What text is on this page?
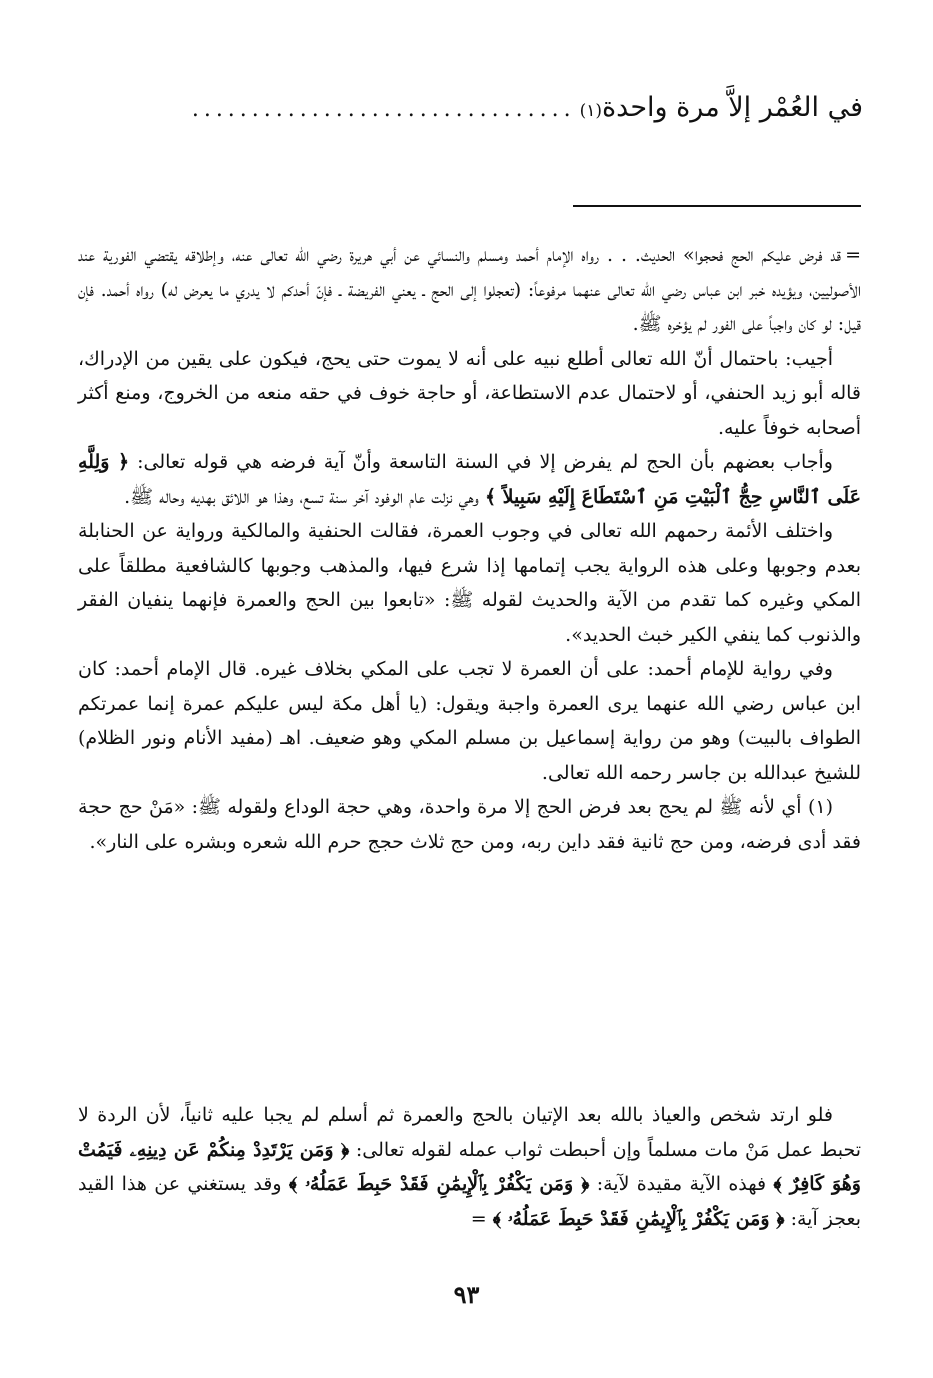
في العُمْر إلاَّ مرة واحدة
(١)
................................

=قد فرض عليكم الحج فحجوا» الحديث. . . رواه الإمام أحمد ومسلم والنسائي عن أبي هريرة رضي الله تعالى عنه، وإطلاقه يقتضي الفورية عند الأصوليين، ويؤيده خبر ابن عباس رضي الله تعالى عنهما مرفوعاً: (تعجلوا إلى الحج ـ يعني الفريضة ـ فإنّ أحدكم لا يدري ما يعرض له) رواه أحمد. فإن قيل: لو كان واجباً على الفور لم يؤخره ﷺ.

أجيب: باحتمال أنّ الله تعالى أطلع نبيه على أنه لا يموت حتى يحج، فيكون على يقين من الإدراك، قاله أبو زيد الحنفي، أو لاحتمال عدم الاستطاعة، أو حاجة خوف في حقه منعه من الخروج، ومنع أكثر أصحابه خوفاً عليه.

وأجاب بعضهم بأن الحج لم يفرض إلا في السنة التاسعة وأنّ آية فرضه هي قوله تعالى: ﴿ وَلِلَّهِ عَلَى ٱلنَّاسِ حِجُّ ٱلْبَيْتِ مَنِ ٱسْتَطَاعَ إِلَيْهِ سَبِيلاً ﴾ وهي نزلت عام الوفود آخر سنة تسع، وهذا هو اللائق بهديه وحاله ﷺ.

واختلف الأئمة رحمهم الله تعالى في وجوب العمرة، فقالت الحنفية والمالكية ورواية عن الحنابلة بعدم وجوبها وعلى هذه الرواية يجب إتمامها إذا شرع فيها، والمذهب وجوبها كالشافعية مطلقاً على المكي وغيره كما تقدم من الآية والحديث لقوله ﷺ: «تابعوا بين الحج والعمرة فإنهما ينفيان الفقر والذنوب كما ينفي الكير خبث الحديد».

وفي رواية للإمام أحمد: على أن العمرة لا تجب على المكي بخلاف غيره. قال الإمام أحمد: كان ابن عباس رضي الله عنهما يرى العمرة واجبة ويقول: (يا أهل مكة ليس عليكم عمرة إنما عمرتكم الطواف بالبيت) وهو من رواية إسماعيل بن مسلم المكي وهو ضعيف. اهـ (مفيد الأنام ونور الظلام) للشيخ عبدالله بن جاسر رحمه الله تعالى.

(١) أي لأنه ﷺ لم يحج بعد فرض الحج إلا مرة واحدة، وهي حجة الوداع ولقوله ﷺ: «مَنْ حج حجة فقد أدى فرضه، ومن حج ثانية فقد داين ربه، ومن حج ثلاث حجج حرم الله شعره وبشره على النار».

فلو ارتد شخص والعياذ بالله بعد الإتيان بالحج والعمرة ثم أسلم لم يجبا عليه ثانياً، لأن الردة لا تحبط عمل مَنْ مات مسلماً وإن أحبطت ثواب عمله لقوله تعالى: ﴿ وَمَن يَرْتَدِدْ مِنكُمْ عَن دِينِهِۦ فَيَمُتْ وَهُوَ كَافِرٌ ﴾ فهذه الآية مقيدة لآية: ﴿ وَمَن يَكْفُرْ بِٱلْإِيمَٰنِ فَقَدْ حَبِطَ عَمَلُهُۥ ﴾ وقد يستغني عن هذا القيد بعجز آية: ﴿ وَمَن يَكْفُرْ بِٱلْإِيمَٰنِ فَقَدْ حَبِطَ عَمَلُهُۥ ﴾ =

٩٣
